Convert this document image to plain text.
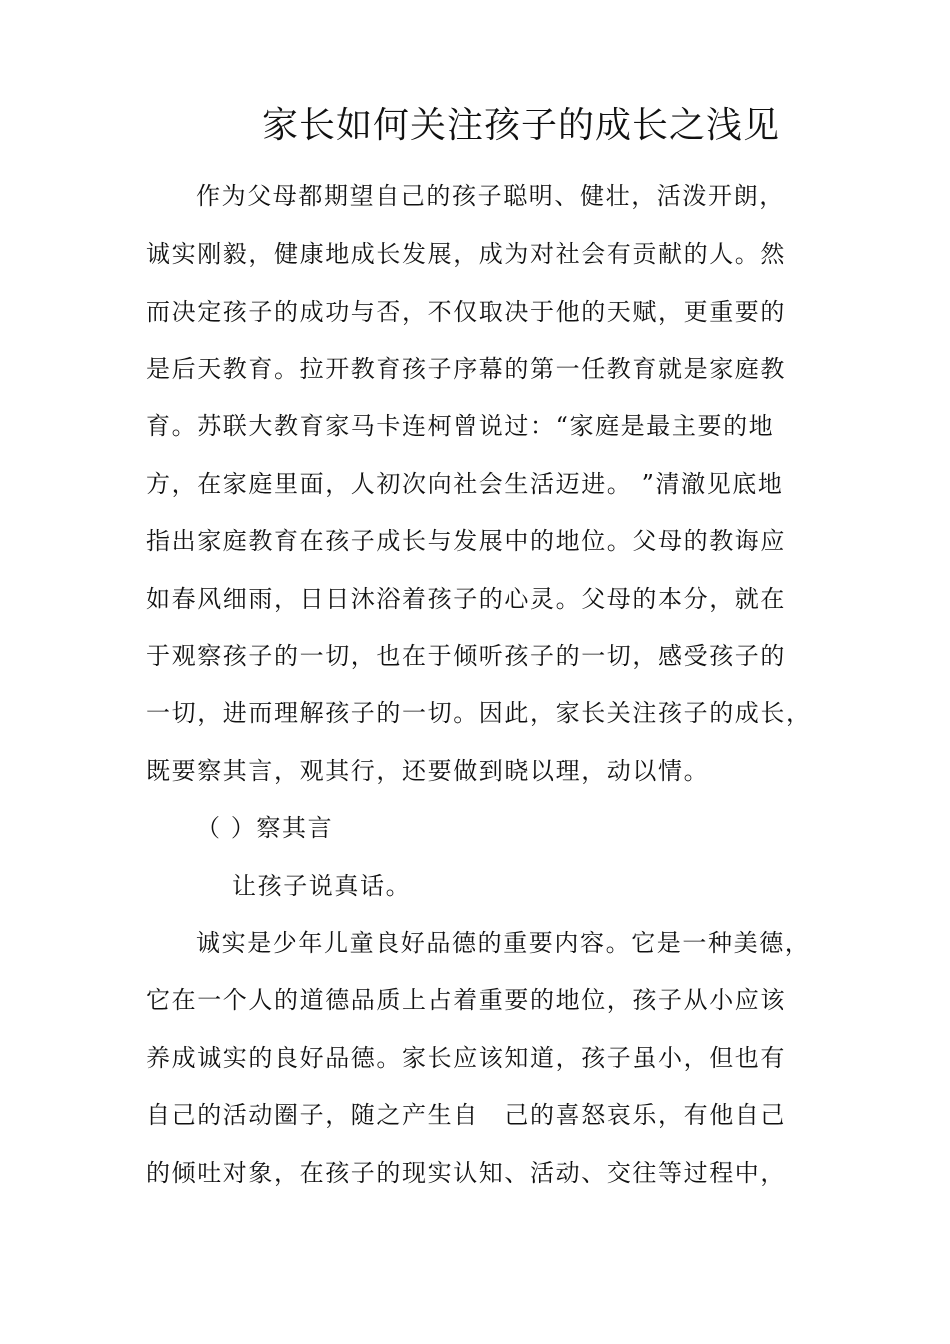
家长如何关注孩子的成长之浅见
作为父母都期望自己的孩子聪明、健壮，活泼开朗，
诚实刚毅，健康地成长发展，成为对社会有贡献的人。然
而决定孩子的成功与否，不仅取决于他的天赋，更重要的
是后天教育。拉开教育孩子序幕的第一任教育就是家庭教
育。苏联大教育家马卡连柯曾说过：“家庭是最主要的地
方，在家庭里面，人初次向社会生活迈进。 ”清澈见底地
指出家庭教育在孩子成长与发展中的地位。父母的教诲应
如春风细雨，日日沐浴着孩子的心灵。父母的本分，就在
于观察孩子的一切，也在于倾听孩子的一切，感受孩子的
一切，进而理解孩子的一切。因此，家长关注孩子的成长，
既要察其言，观其行，还要做到晓以理，动以情。
（ ）察其言
让孩子说真话。
诚实是少年儿童良好品德的重要内容。它是一种美德，
它在一个人的道德品质上占着重要的地位，孩子从小应该
养成诚实的良好品德。家长应该知道，孩子虽小，但也有
自己的活动圈子，随之产生自　己的喜怒哀乐，有他自己
的倾吐对象，在孩子的现实认知、活动、交往等过程中，
